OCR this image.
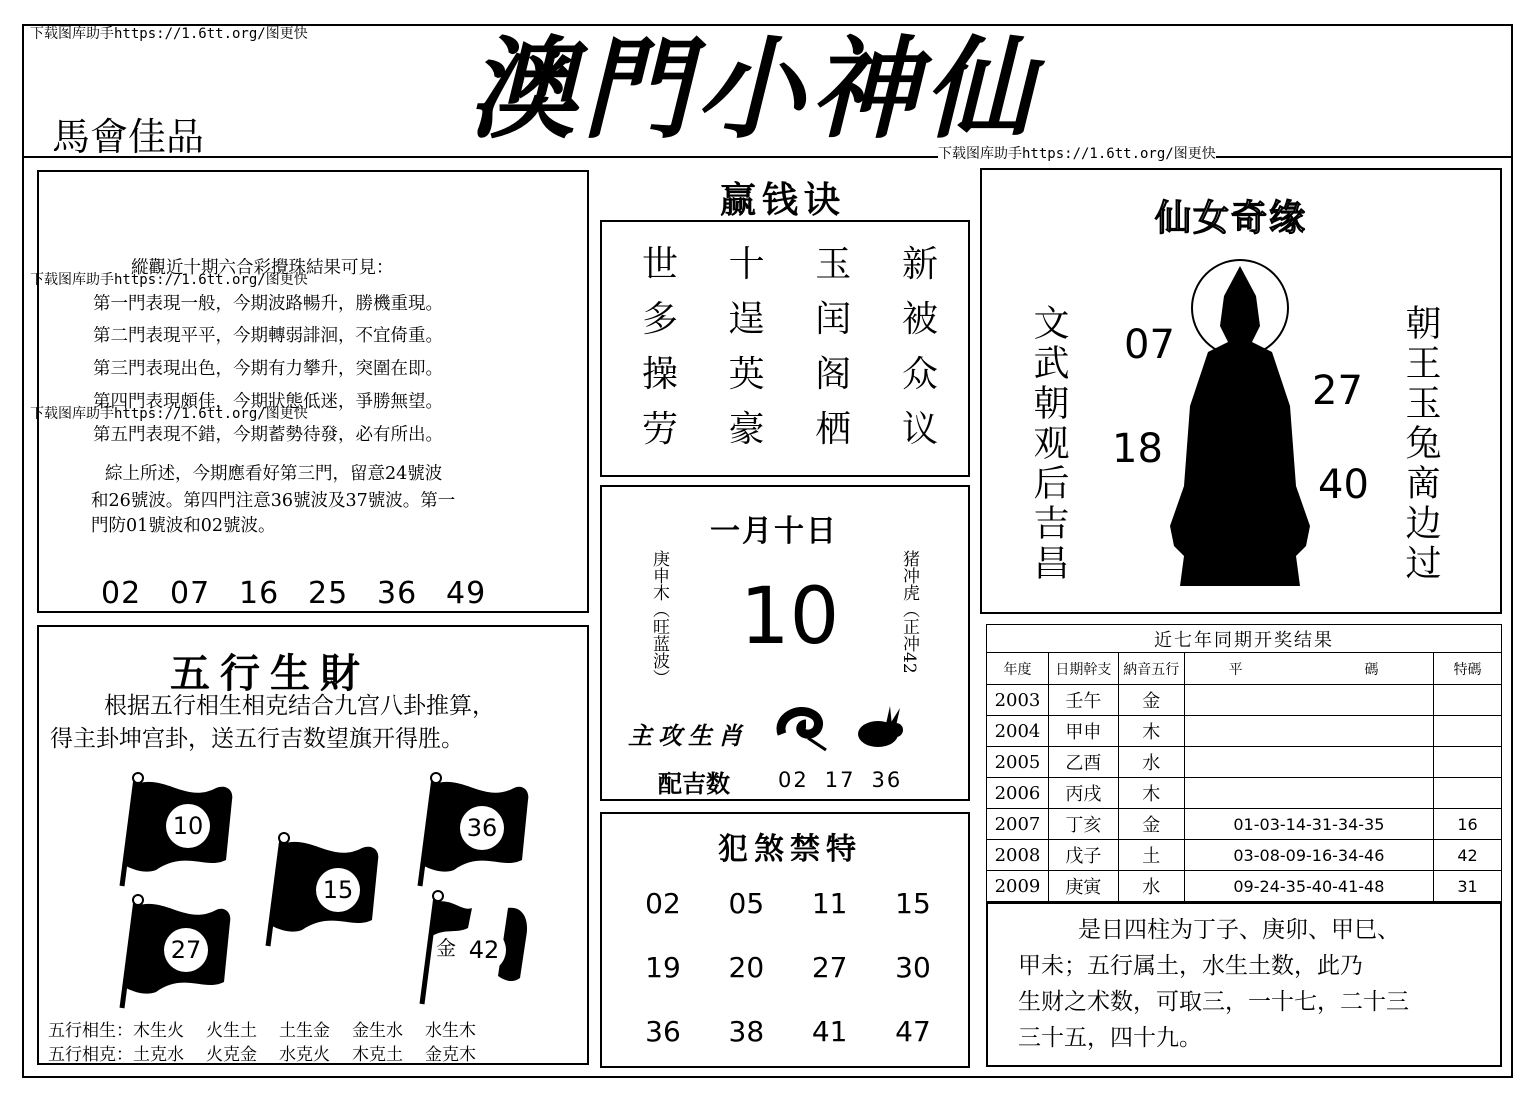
下载图库助手https://1.6tt.org/图更快
下载图库助手https://1.6tt.org/图更快
馬會佳品 澳門小神仙
縱觀近十期六合彩攪珠結果可見：
第一門表現一般，今期波路暢升，勝機重現。
第二門表現平平，今期轉弱誹洄，不宜倚重。
第三門表現出色，今期有力攀升，突圍在即。
第四門表現頗佳，今期狀態低迷，爭勝無望。
第五門表現不錯，今期蓄勢待發，必有所出。
綜上所述，今期應看好第三門，留意24號波
和26號波。第四門注意36號波及37號波。第一
門防01號波和02號波。
02 07 16 25 36 49
下载图库助手https://1.6tt.org/图更快
下载图库助手https://1.6tt.org/图更快
五行生財
根据五行相生相克结合九宫八卦推算，
得主卦坤宫卦，送五行吉数望旗开得胜。
10
15
36
27	金 42
五行相生：木生火 火生土 土生金 金生水 水生木
五行相克：土克水 火克金 水克火 木克土 金克木
赢钱诀
世	十	玉	新
多	逞	闰	被
操	英	阁	众
劳	豪	栖	议
一月十日
10
庚申木（旺蓝波）	猪冲虎（正冲42
主攻生肖
配吉数 02 17 36
犯煞禁特
02	05	11	15
19	20	27	30
36	38	41	47
仙女奇缘
文武朝观后吉昌	朝王玉兔啇边过
07
27
18
40
近七年同期开奖结果					
年度	日期幹支	納音五行	平	碼	特碼
2003	壬午	金			
2004	甲申	木			
2005	乙酉	水			
2006	丙戌	木			
2007	丁亥	金	01-03-14-31-34-35		16
2008	戊子	土	03-08-09-16-34-46		42
2009	庚寅	水	09-24-35-40-41-48		31
是日四柱为丁子、庚卯、甲巳、
甲未；五行属土，水生土数，此乃
生财之术数，可取三，一十七，二十三
三十五，四十九。
